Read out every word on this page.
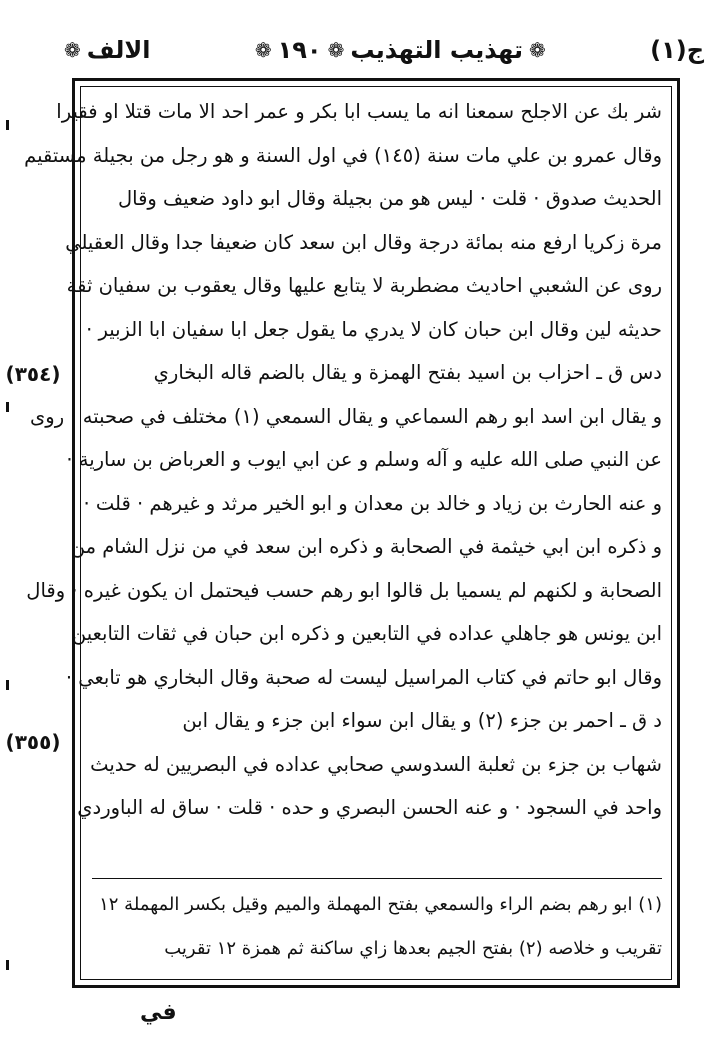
ج(١)
❁
تهذيب التهذيب
❁
١٩٠
❁
الالف
❁
شر بك عن الاجلح سمعنا انه ما يسب ابا بكر و عمر احد الا مات قتلا او فقيرا
وقال عمرو بن علي مات سنة (١٤٥) في اول السنة و هو رجل من بجيلة مستقيم
الحديث صدوق · قلت · ليس هو من بجيلة وقال ابو داود ضعيف وقال
مرة زكريا ارفع منه بمائة درجة وقال ابن سعد كان ضعيفا جدا وقال العقيلي
روى عن الشعبي احاديث مضطربة لا يتابع عليها وقال يعقوب بن سفيان ثقة
حديثه لين وقال ابن حبان كان لا يدري ما يقول جعل ابا سفيان ابا الزبير ·
دس ق ـ احزاب بن اسيد بفتح الهمزة و يقال بالضم قاله البخاري
و يقال ابن اسد ابو رهم السماعي و يقال السمعي (١) مختلف في صحبته · روى
عن النبي صلى الله عليه و آله وسلم و عن ابي ايوب و العرباض بن سارية ·
و عنه الحارث بن زياد و خالد بن معدان و ابو الخير مرثد و غيرهم · قلت ·
و ذكره ابن ابي خيثمة في الصحابة و ذكره ابن سعد في من نزل الشام من
الصحابة و لكنهم لم يسميا بل قالوا ابو رهم حسب فيحتمل ان يكون غيره · وقال
ابن يونس هو جاهلي عداده في التابعين و ذكره ابن حبان في ثقات التابعين
وقال ابو حاتم في كتاب المراسيل ليست له صحبة وقال البخاري هو تابعي ·
د ق ـ احمر بن جزء (٢) و يقال ابن سواء ابن جزء و يقال ابن
شهاب بن جزء بن ثعلبة السدوسي صحابي عداده في البصريين له حديث
واحد في السجود · و عنه الحسن البصري و حده · قلت · ساق له الباوردي
(٣٥٤)
(٣٥٥)
(١) ابو رهم بضم الراء والسمعي بفتح المهملة والميم وقيل بكسر المهملة ١٢
تقريب و خلاصه (٢) بفتح الجيم بعدها زاي ساكنة ثم همزة ١٢ تقريب
في
